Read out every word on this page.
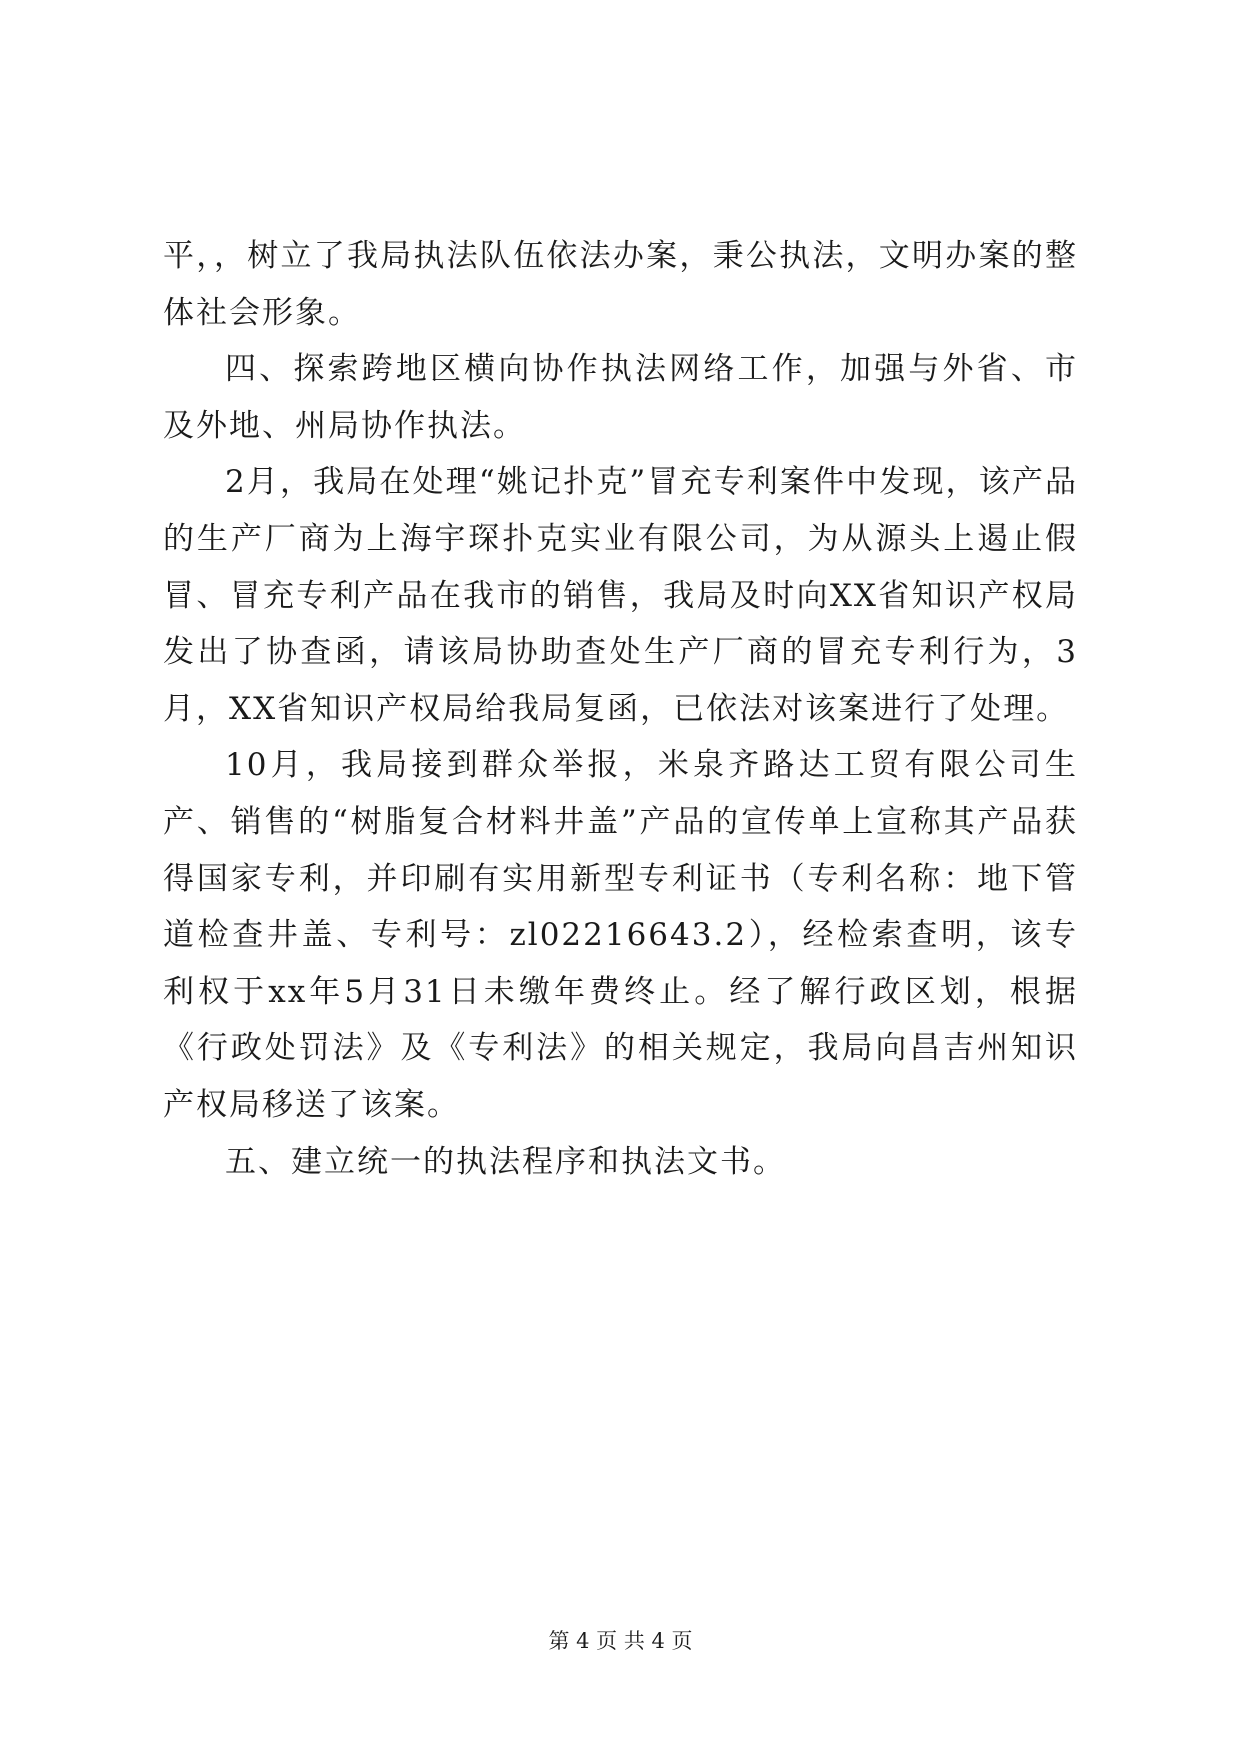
平，，树立了我局执法队伍依法办案，秉公执法，文明办案的整体社会形象。

四、探索跨地区横向协作执法网络工作，加强与外省、市及外地、州局协作执法。

2月，我局在处理“姚记扑克”冒充专利案件中发现，该产品的生产厂商为上海宇琛扑克实业有限公司，为从源头上遏止假冒、冒充专利产品在我市的销售，我局及时向XX省知识产权局发出了协查函，请该局协助查处生产厂商的冒充专利行为，3月，XX省知识产权局给我局复函，已依法对该案进行了处理。

10月，我局接到群众举报，米泉齐路达工贸有限公司生产、销售的“树脂复合材料井盖”产品的宣传单上宣称其产品获得国家专利，并印刷有实用新型专利证书（专利名称：地下管道检查井盖、专利号：zl02216643.2），经检索查明，该专利权于xx年5月31日未缴年费终止。经了解行政区划，根据《行政处罚法》及《专利法》的相关规定，我局向昌吉州知识产权局移送了该案。

五、建立统一的执法程序和执法文书。

第 4 页 共 4 页
